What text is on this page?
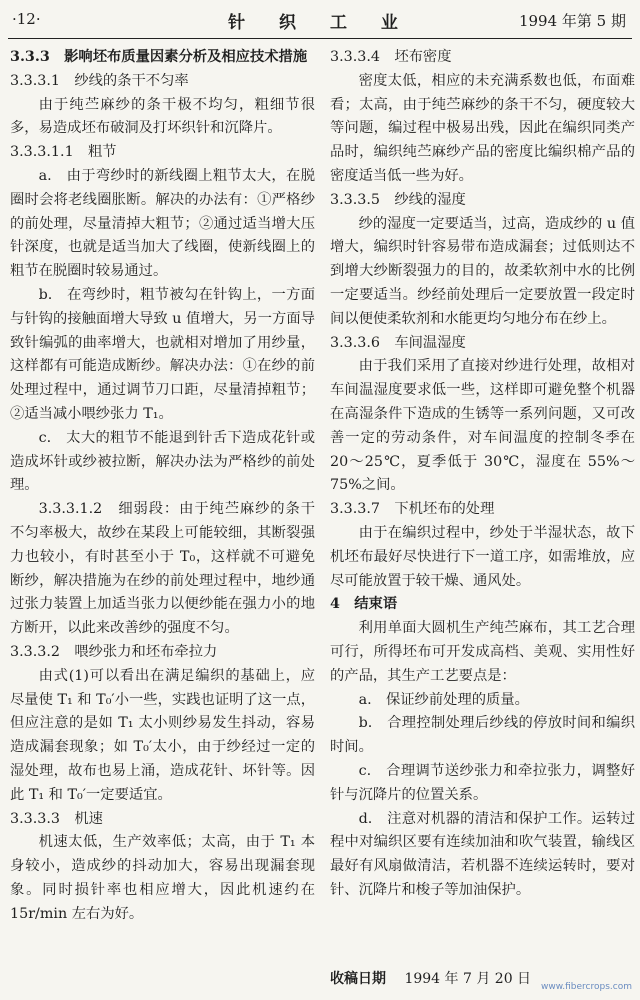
·12·	针 织 工 业	1994 年第 5 期

3.3.3　影响坯布质量因素分析及相应技术措施

3.3.3.1　纱线的条干不匀率

由于纯苎麻纱的条干极不均匀，粗细节很多，易造成坯布破洞及打坏织针和沉降片。

3.3.3.1.1　粗节

a.　由于弯纱时的新线圈上粗节太大，在脱圈时会将老线圈胀断。解决的办法有：①严格纱的前处理，尽量清掉大粗节；②通过适当增大压针深度，也就是适当加大了线圈，使新线圈上的粗节在脱圈时较易通过。

b.　在弯纱时，粗节被勾在针钩上，一方面与针钩的接触面增大导致 u 值增大，另一方面导致针编弧的曲率增大，也就相对增加了用纱量，这样都有可能造成断纱。解决办法：①在纱的前处理过程中，通过调节刀口距，尽量清掉粗节；②适当减小喂纱张力 T₁。

c.　太大的粗节不能退到针舌下造成花针或造成坏针或纱被拉断，解决办法为严格纱的前处理。

3.3.3.1.2　细弱段：由于纯苎麻纱的条干不匀率极大，故纱在某段上可能较细，其断裂强力也较小，有时甚至小于 T₀，这样就不可避免断纱，解决措施为在纱的前处理过程中，地纱通过张力装置上加适当张力以便纱能在强力小的地方断开，以此来改善纱的强度不匀。

3.3.3.2　喂纱张力和坯布牵拉力

由式(1)可以看出在满足编织的基础上，应尽量使 T₁ 和 T₀′小一些，实践也证明了这一点，但应注意的是如 T₁ 太小则纱易发生抖动，容易造成漏套现象；如 T₀′太小，由于纱经过一定的湿处理，故布也易上涌，造成花针、坏针等。因此 T₁ 和 T₀′一定要适宜。

3.3.3.3　机速

机速太低，生产效率低；太高，由于 T₁ 本身较小，造成纱的抖动加大，容易出现漏套现象。同时损针率也相应增大，因此机速约在 15r/min 左右为好。

3.3.3.4　坯布密度

密度太低，相应的未充满系数也低，布面难看；太高，由于纯苎麻纱的条干不匀，硬度较大等问题，编过程中极易出残，因此在编织同类产品时，编织纯苎麻纱产品的密度比编织棉产品的密度适当低一些为好。

3.3.3.5　纱线的湿度

纱的湿度一定要适当，过高，造成纱的 u 值增大，编织时针容易带布造成漏套；过低则达不到增大纱断裂强力的目的，故柔软剂中水的比例一定要适当。纱经前处理后一定要放置一段定时间以便使柔软剂和水能更均匀地分布在纱上。

3.3.3.6　车间温湿度

由于我们采用了直接对纱进行处理，故相对车间温湿度要求低一些，这样即可避免整个机器在高湿条件下造成的生锈等一系列问题，又可改善一定的劳动条件，对车间温度的控制冬季在 20～25℃，夏季低于 30℃，湿度在 55%～75%之间。

3.3.3.7　下机坯布的处理

由于在编织过程中，纱处于半湿状态，故下机坯布最好尽快进行下一道工序，如需堆放，应尽可能放置于较干燥、通风处。

4　结束语

利用单面大圆机生产纯苎麻布，其工艺合理可行，所得坯布可开发成高档、美观、实用性好的产品，其生产工艺要点是：

a.　保证纱前处理的质量。

b.　合理控制处理后纱线的停放时间和编织时间。

c.　合理调节送纱张力和牵拉张力，调整好针与沉降片的位置关系。

d.　注意对机器的清洁和保护工作。运转过程中对编织区要有连续加油和吹气装置，输线区最好有风扇做清洁，若机器不连续运转时，要对针、沉降片和梭子等加油保护。

收稿日期　 1994 年 7 月 20 日	www.fibercrops.com
